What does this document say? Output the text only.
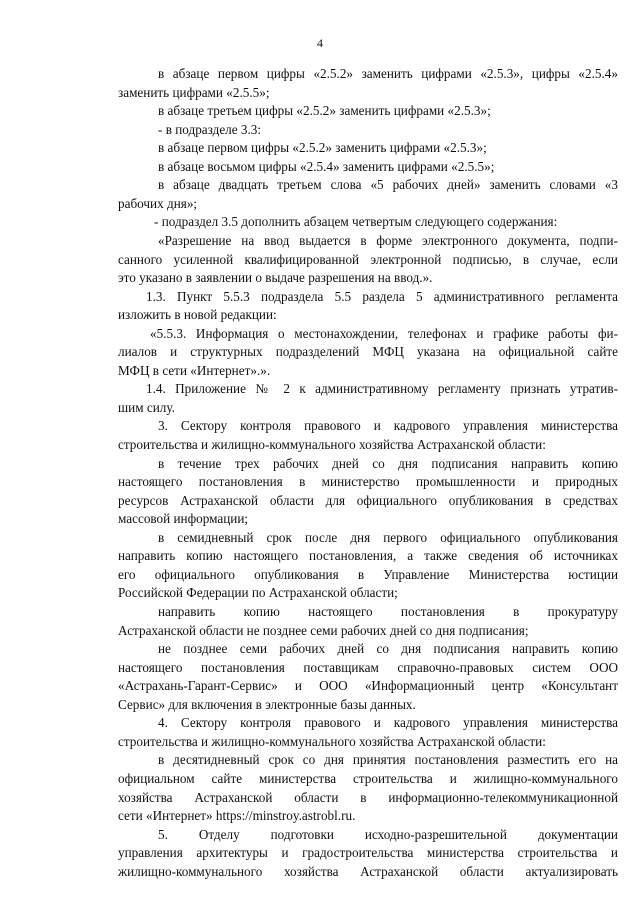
4
в абзаце первом цифры «2.5.2» заменить цифрами «2.5.3», цифры «2.5.4»
заменить цифрами «2.5.5»;
в абзаце третьем цифры «2.5.2» заменить цифрами «2.5.3»;
- в подразделе 3.3:
в абзаце первом цифры «2.5.2» заменить цифрами «2.5.3»;
в абзаце восьмом цифры «2.5.4» заменить цифрами «2.5.5»;
в абзаце двадцать третьем слова «5 рабочих дней» заменить словами «3
рабочих дня»;
- подраздел 3.5 дополнить абзацем четвертым следующего содержания:
«Разрешение на ввод выдается в форме электронного документа, подпи-
санного усиленной квалифицированной электронной подписью, в случае, если
это указано в заявлении о выдаче разрешения на ввод.».
1.3. Пункт 5.5.3 подраздела 5.5 раздела 5 административного регламента
изложить в новой редакции:
«5.5.3. Информация о местонахождении, телефонах и графике работы фи-
лиалов и структурных подразделений МФЦ указана на официальной сайте
МФЦ в сети «Интернет».».
1.4. Приложение № 2 к административному регламенту признать утратив-
шим силу.
3. Сектору контроля правового и кадрового управления министерства
строительства и жилищно-коммунального хозяйства Астраханской области:
в течение трех рабочих дней со дня подписания направить копию
настоящего постановления в министерство промышленности и природных
ресурсов Астраханской области для официального опубликования в средствах
массовой информации;
в семидневный срок после дня первого официального опубликования
направить копию настоящего постановления, а также сведения об источниках
его официального опубликования в Управление Министерства юстиции
Российской Федерации по Астраханской области;
направить копию настоящего постановления в прокуратуру
Астраханской области не позднее семи рабочих дней со дня подписания;
не позднее семи рабочих дней со дня подписания направить копию
настоящего постановления поставщикам справочно-правовых систем ООО
«Астрахань-Гарант-Сервис» и ООО «Информационный центр «Консультант
Сервис» для включения в электронные базы данных.
4. Сектору контроля правового и кадрового управления министерства
строительства и жилищно-коммунального хозяйства Астраханской области:
в десятидневный срок со дня принятия постановления разместить его на
официальном сайте министерства строительства и жилищно-коммунального
хозяйства Астраханской области в информационно-телекоммуникационной
сети «Интернет» https://minstroy.astrobl.ru.
5. Отделу подготовки исходно-разрешительной документации
управления архитектуры и градостроительства министерства строительства и
жилищно-коммунального хозяйства Астраханской области актуализировать
